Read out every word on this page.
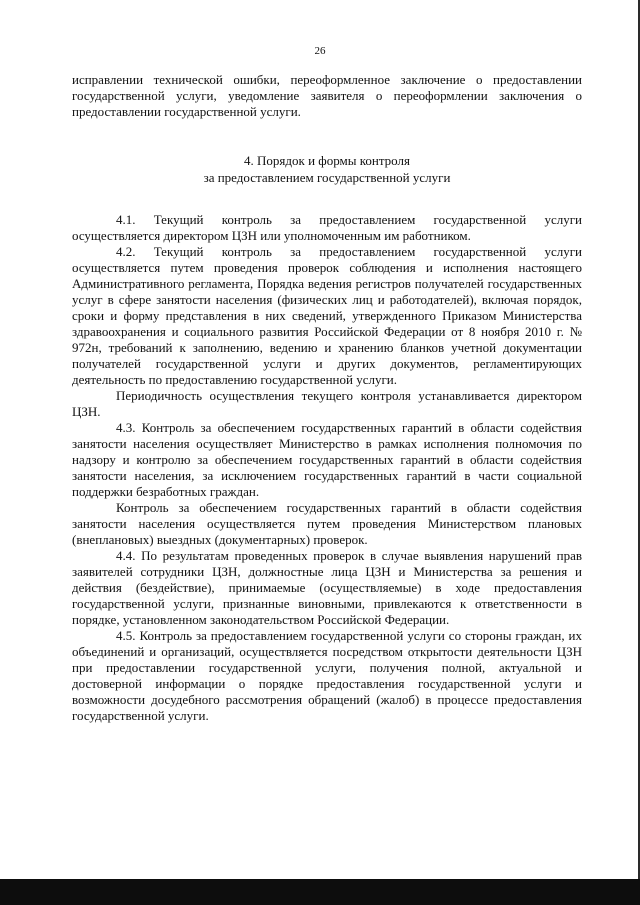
26

исправлении технической ошибки, переоформленное заключение о предоставлении государственной услуги, уведомление заявителя о переоформлении заключения о предоставлении государственной услуги.

4. Порядок и формы контроля
за предоставлением государственной услуги

4.1. Текущий контроль за предоставлением государственной услуги осуществляется директором ЦЗН или уполномоченным им работником.

4.2. Текущий контроль за предоставлением государственной услуги осуществляется путем проведения проверок соблюдения и исполнения настоящего Административного регламента, Порядка ведения регистров получателей государственных услуг в сфере занятости населения (физических лиц и работодателей), включая порядок, сроки и форму представления в них сведений, утвержденного Приказом Министерства здравоохранения и социального развития Российской Федерации от 8 ноября 2010 г. № 972н, требований к заполнению, ведению и хранению бланков учетной документации получателей государственной услуги и других документов, регламентирующих деятельность по предоставлению государственной услуги.

Периодичность осуществления текущего контроля устанавливается директором ЦЗН.

4.3. Контроль за обеспечением государственных гарантий в области содействия занятости населения осуществляет Министерство в рамках исполнения полномочия по надзору и контролю за обеспечением государственных гарантий в области содействия занятости населения, за исключением государственных гарантий в части социальной поддержки безработных граждан.

Контроль за обеспечением государственных гарантий в области содействия занятости населения осуществляется путем проведения Министерством плановых (внеплановых) выездных (документарных) проверок.

4.4. По результатам проведенных проверок в случае выявления нарушений прав заявителей сотрудники ЦЗН, должностные лица ЦЗН и Министерства за решения и действия (бездействие), принимаемые (осуществляемые) в ходе предоставления государственной услуги, признанные виновными, привлекаются к ответственности в порядке, установленном законодательством Российской Федерации.

4.5. Контроль за предоставлением государственной услуги со стороны граждан, их объединений и организаций, осуществляется посредством открытости деятельности ЦЗН при предоставлении государственной услуги, получения полной, актуальной и достоверной информации о порядке предоставления государственной услуги и возможности досудебного рассмотрения обращений (жалоб) в процессе предоставления государственной услуги.
